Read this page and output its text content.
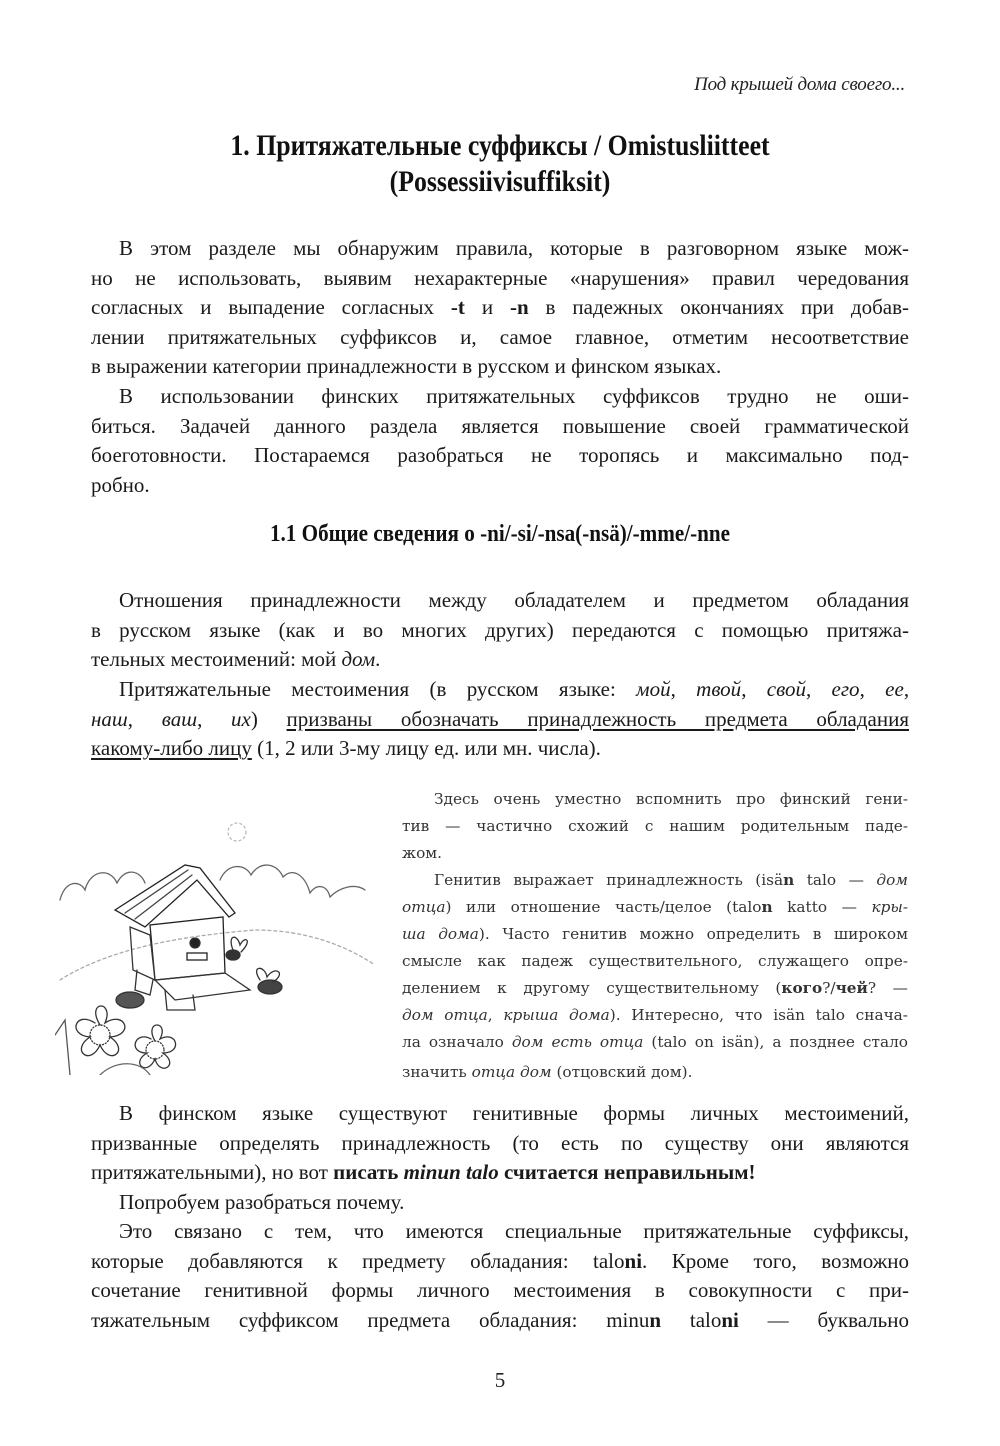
Под крышей дома своего...
1. Притяжательные суффиксы / Omistusliitteet
(Possessiivisuffiksit)
В этом разделе мы обнаружим правила, которые в разговорном языке мож-
но не использовать, выявим нехарактерные «нарушения» правил чередования
согласных и выпадение согласных -t и -n в падежных окончаниях при добав-
лении притяжательных суффиксов и, самое главное, отметим несоответствие
в выражении категории принадлежности в русском и финском языках.
В использовании финских притяжательных суффиксов трудно не оши-
биться. Задачей данного раздела является повышение своей грамматической
боеготовности. Постараемся разобраться не торопясь и максимально под-
робно.
1.1 Общие сведения о -ni/-si/-nsa(-nsä)/-mme/-nne
Отношения принадлежности между обладателем и предметом обладания
в русском языке (как и во многих других) передаются с помощью притяжа-
тельных местоимений: мой дом.
Притяжательные местоимения (в русском языке: мой, твой, свой, его, ее,
наш, ваш, их) призваны обозначать принадлежность предмета обладания
какому-либо лицу (1, 2 или 3-му лицу ед. или мн. числа).
Здесь очень уместно вспомнить про финский гени-
тив — частично схожий с нашим родительным паде-
жом.
Генитив выражает принадлежность (isän talo — дом
отца) или отношение часть/целое (talon katto — кры-
ша дома). Часто генитив можно определить в широком
смысле как падеж существительного, служащего опре-
делением к другому существительному (кого?/чей? —
дом отца, крыша дома). Интересно, что isän talo снача-
ла означало дом есть отца (talo on isän), а позднее стало
значить отца дом (отцовский дом).
В финском языке существуют генитивные формы личных местоимений,
призванные определять принадлежность (то есть по существу они являются
притяжательными), но вот писать minun talo считается неправильным!
Попробуем разобраться почему.
Это связано с тем, что имеются специальные притяжательные суффиксы,
которые добавляются к предмету обладания: taloni. Кроме того, возможно
сочетание генитивной формы личного местоимения в совокупности с при-
тяжательным суффиксом предмета обладания: minun taloni — буквально
5
